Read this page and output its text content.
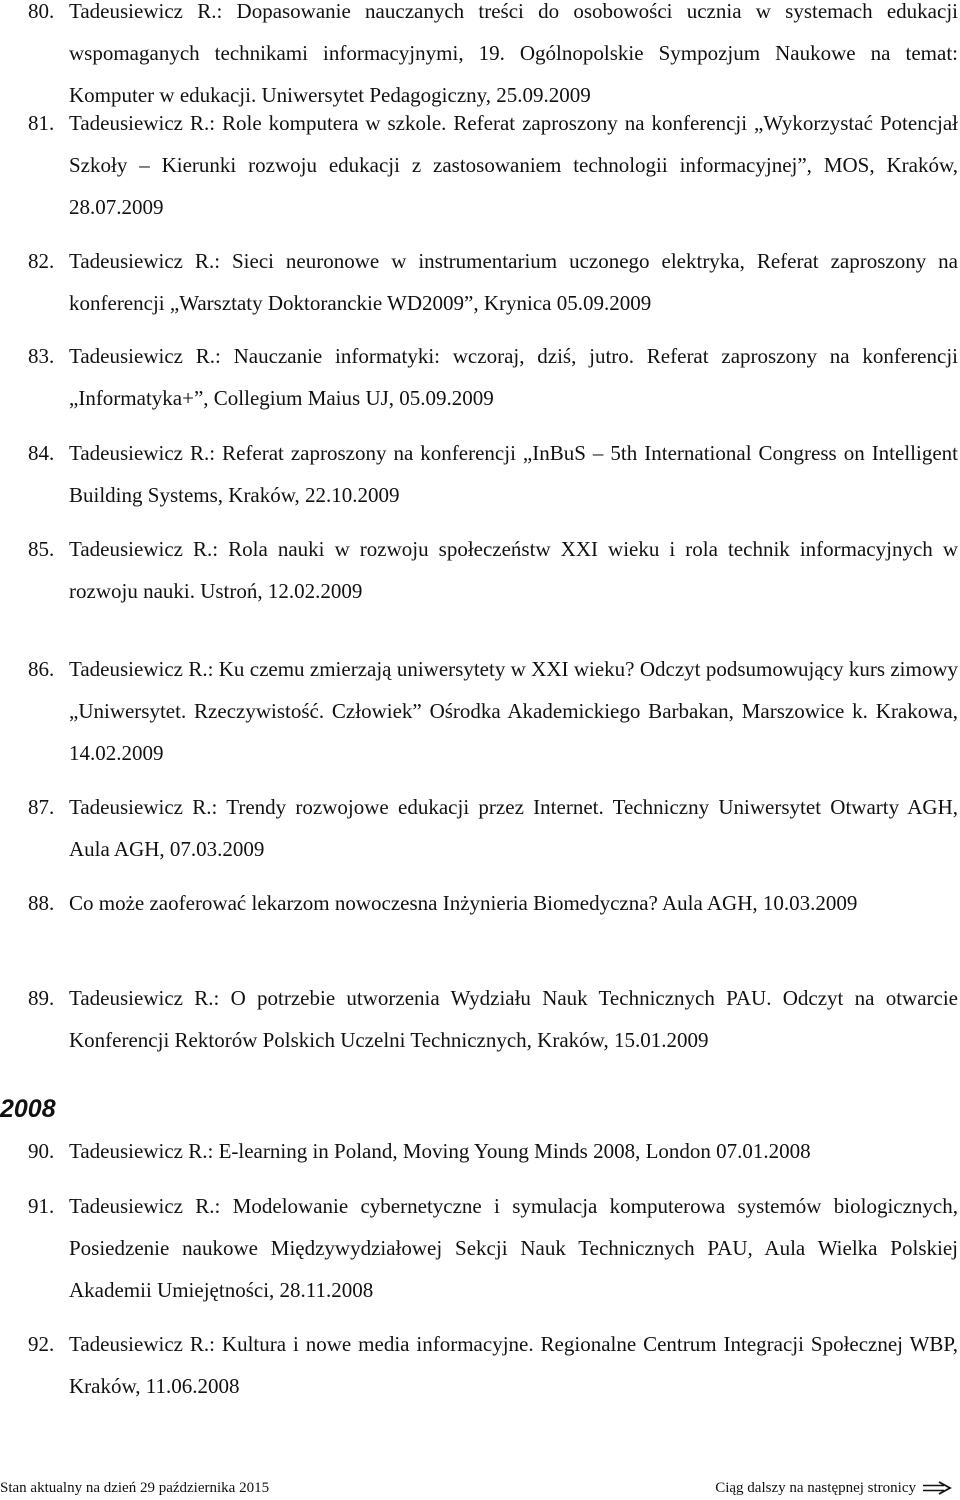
80. Tadeusiewicz R.: Dopasowanie nauczanych treści do osobowości ucznia w systemach edukacji wspomaganych technikami informacyjnymi, 19. Ogólnopolskie Sympozjum Naukowe na temat: Komputer w edukacji. Uniwersytet Pedagogiczny, 25.09.2009
81. Tadeusiewicz R.: Role komputera w szkole. Referat zaproszony na konferencji „Wykorzystać Potencjał Szkoły – Kierunki rozwoju edukacji z zastosowaniem technologii informacyjnej”, MOS, Kraków, 28.07.2009
82. Tadeusiewicz R.: Sieci neuronowe w instrumentarium uczonego elektryka, Referat zaproszony na konferencji „Warsztaty Doktoranckie WD2009”, Krynica 05.09.2009
83. Tadeusiewicz R.: Nauczanie informatyki: wczoraj, dziś, jutro. Referat zaproszony na konferencji „Informatyka+”, Collegium Maius UJ, 05.09.2009
84. Tadeusiewicz R.: Referat zaproszony na konferencji „InBuS – 5th International Congress on Intelligent Building Systems, Kraków, 22.10.2009
85. Tadeusiewicz R.: Rola nauki w rozwoju społeczeństw XXI wieku i rola technik informacyjnych w rozwoju nauki. Ustroń, 12.02.2009
86. Tadeusiewicz R.: Ku czemu zmierzają uniwersytety w XXI wieku? Odczyt podsumowujący kurs zimowy „Uniwersytet. Rzeczywistość. Człowiek” Ośrodka Akademickiego Barbakan, Marszowice k. Krakowa, 14.02.2009
87. Tadeusiewicz R.: Trendy rozwojowe edukacji przez Internet. Techniczny Uniwersytet Otwarty AGH, Aula AGH, 07.03.2009
88. Co może zaoferować lekarzom nowoczesna Inżynieria Biomedyczna? Aula AGH, 10.03.2009
89. Tadeusiewicz R.: O potrzebie utworzenia Wydziału Nauk Technicznych PAU. Odczyt na otwarcie Konferencji Rektorów Polskich Uczelni Technicznych, Kraków, 15.01.2009
2008
90. Tadeusiewicz R.: E-learning in Poland, Moving Young Minds 2008, London 07.01.2008
91. Tadeusiewicz R.: Modelowanie cybernetyczne i symulacja komputerowa systemów biologicznych, Posiedzenie naukowe Międzywydziałowej Sekcji Nauk Technicznych PAU, Aula Wielka Polskiej Akademii Umiejętności, 28.11.2008
92. Tadeusiewicz R.: Kultura i nowe media informacyjne. Regionalne Centrum Integracji Społecznej WBP, Kraków, 11.06.2008
Stan aktualny na dzień 29 października 2015	Ciąg dalszy na następnej stronicy
